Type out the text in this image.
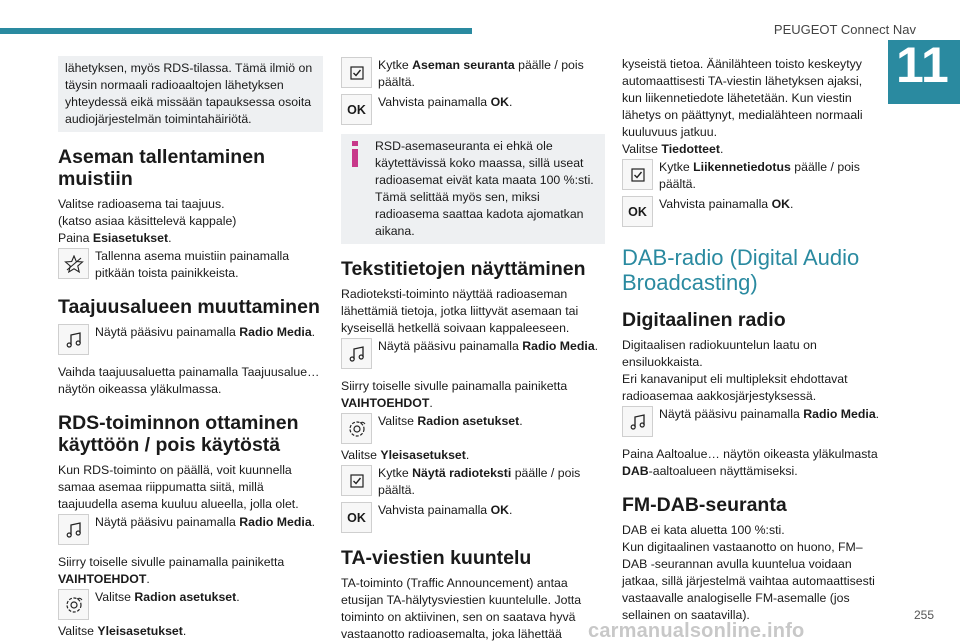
PEUGEOT Connect Nav
11

lähetyksen, myös RDS-tilassa. Tämä ilmiö on täysin normaali radioaaltojen lähetyksen yhteydessä eikä missään tapauksessa osoita audiojärjestelmän toimintahäiriötä.

Aseman tallentaminen muistiin

Valitse radioasema tai taajuus.

(katso asiaa käsittelevä kappale)

Paina Esiasetukset.

Tallenna asema muistiin painamalla pitkään toista painikkeista.

Taajuusalueen muuttaminen

Näytä pääsivu painamalla Radio Media.

Vaihda taajuusaluetta painamalla Taajuusalue… näytön oikeassa yläkulmassa.

RDS-toiminnon ottaminen käyttöön / pois käytöstä

Kun RDS-toiminto on päällä, voit kuunnella samaa asemaa riippumatta siitä, millä taajuudella asema kuuluu alueella, jolla olet.

Näytä pääsivu painamalla Radio Media.

Siirry toiselle sivulle painamalla painiketta VAIHTOEHDOT.

Valitse Radion asetukset.

Valitse Yleisasetukset.

Kytke Aseman seuranta päälle / pois päältä.

OK

Vahvista painamalla OK.

RSD-asemaseuranta ei ehkä ole käytettävissä koko maassa, sillä useat radioasemat eivät kata maata 100 %:sti. Tämä selittää myös sen, miksi radioasema saattaa kadota ajomatkan aikana.

Tekstitietojen näyttäminen

Radioteksti-toiminto näyttää radioaseman lähettämiä tietoja, jotka liittyvät asemaan tai kyseisellä hetkellä soivaan kappaleeseen.

Näytä pääsivu painamalla Radio Media.

Siirry toiselle sivulle painamalla painiketta VAIHTOEHDOT.

Valitse Radion asetukset.

Valitse Yleisasetukset.

Kytke Näytä radioteksti päälle / pois päältä.

OK

Vahvista painamalla OK.

TA-viestien kuuntelu

TA-toiminto (Traffic Announcement) antaa etusijan TA-hälytysviestien kuuntelulle. Jotta toiminto on aktiivinen, sen on saatava hyvä vastaanotto radioasemalta, joka lähettää

kyseistä tietoa. Äänilähteen toisto keskeytyy automaattisesti TA-viestin lähetyksen ajaksi, kun liikennetiedote lähetetään. Kun viestin lähetys on päättynyt, medialähteen normaali kuuluvuus jatkuu.

Valitse Tiedotteet.

Kytke Liikennetiedotus päälle / pois päältä.

OK

Vahvista painamalla OK.

DAB-radio (Digital Audio Broadcasting)
Digitaalinen radio

Digitaalisen radiokuuntelun laatu on ensiluokkaista.

Eri kanavaniput eli multipleksit ehdottavat radioasemaa aakkosjärjestyksessä.

Näytä pääsivu painamalla Radio Media.

Paina Aaltoalue… näytön oikeasta yläkulmasta DAB-aaltoalueen näyttämiseksi.

FM-DAB-seuranta

DAB ei kata aluetta 100 %:sti.

Kun digitaalinen vastaanotto on huono, FM–DAB -seurannan avulla kuuntelua voidaan jatkaa, sillä järjestelmä vaihtaa automaattisesti vastaavalle analogiselle FM-asemalle (jos sellainen on saatavilla).	255
carmanualsonline.info
